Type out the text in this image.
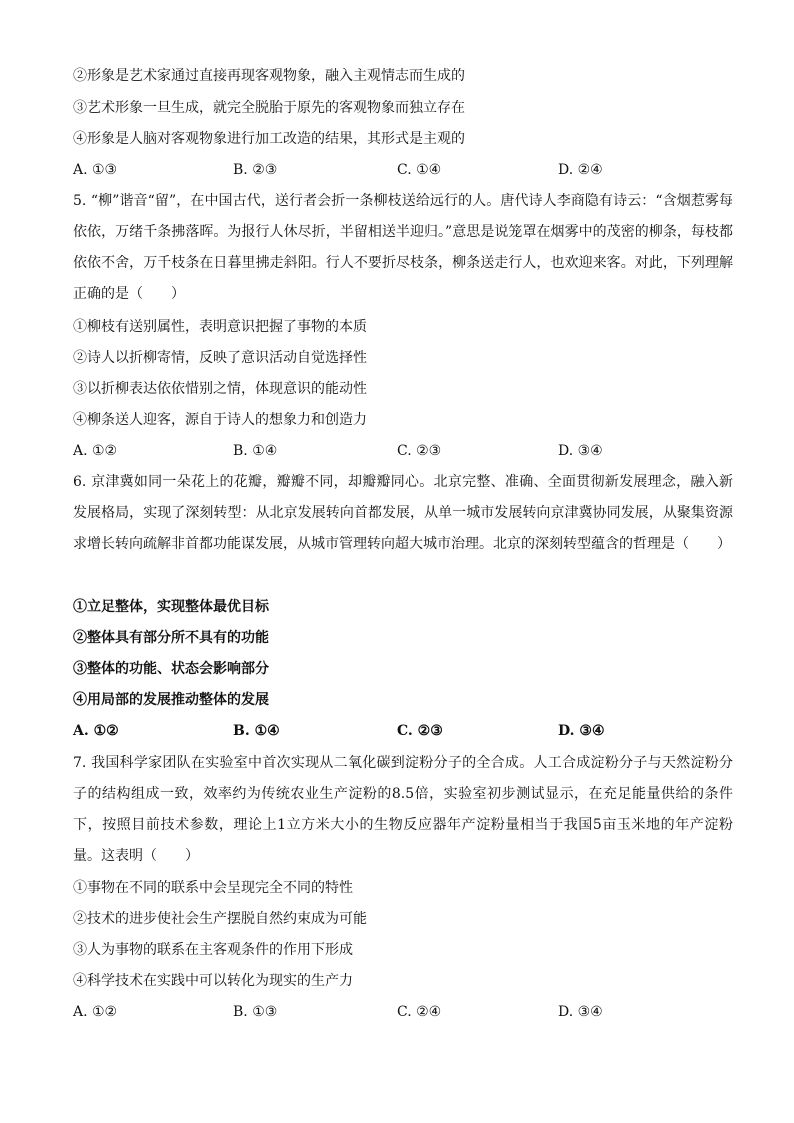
②形象是艺术家通过直接再现客观物象，融入主观情志而生成的
③艺术形象一旦生成，就完全脱胎于原先的客观物象而独立存在
④形象是人脑对客观物象进行加工改造的结果，其形式是主观的
A. ①③	B. ②③	C. ①④	D. ②④
5. “柳”谐音“留”，在中国古代，送行者会折一条柳枝送给远行的人。唐代诗人李商隐有诗云：“含烟惹雾每依依，万绪千条拂落晖。为报行人休尽折，半留相送半迎归。”意思是说笼罩在烟雾中的茂密的柳条，每枝都依依不舍，万千枝条在日暮里拂走斜阳。行人不要折尽枝条，柳条送走行人，也欢迎来客。对此，下列理解正确的是（　　）
①柳枝有送别属性，表明意识把握了事物的本质
②诗人以折柳寄情，反映了意识活动自觉选择性
③以折柳表达依依惜别之情，体现意识的能动性
④柳条送人迎客，源自于诗人的想象力和创造力
A. ①②	B. ①④	C. ②③	D. ③④
6. 京津冀如同一朵花上的花瓣，瓣瓣不同，却瓣瓣同心。北京完整、准确、全面贯彻新发展理念，融入新发展格局，实现了深刻转型：从北京发展转向首都发展，从单一城市发展转向京津冀协同发展，从聚集资源求增长转向疏解非首都功能谋发展，从城市管理转向超大城市治理。北京的深刻转型蕴含的哲理是（　　）
①立足整体，实现整体最优目标
②整体具有部分所不具有的功能
③整体的功能、状态会影响部分
④用局部的发展推动整体的发展
A. ①②	B. ①④	C. ②③	D. ③④
7. 我国科学家团队在实验室中首次实现从二氧化碳到淀粉分子的全合成。人工合成淀粉分子与天然淀粉分子的结构组成一致，效率约为传统农业生产淀粉的8.5倍，实验室初步测试显示，在充足能量供给的条件下，按照目前技术参数，理论上1立方米大小的生物反应器年产淀粉量相当于我国5亩玉米地的年产淀粉量。这表明（　　）
①事物在不同的联系中会呈现完全不同的特性
②技术的进步使社会生产摆脱自然约束成为可能
③人为事物的联系在主客观条件的作用下形成
④科学技术在实践中可以转化为现实的生产力
A. ①②	B. ①③	C. ②④	D. ③④
